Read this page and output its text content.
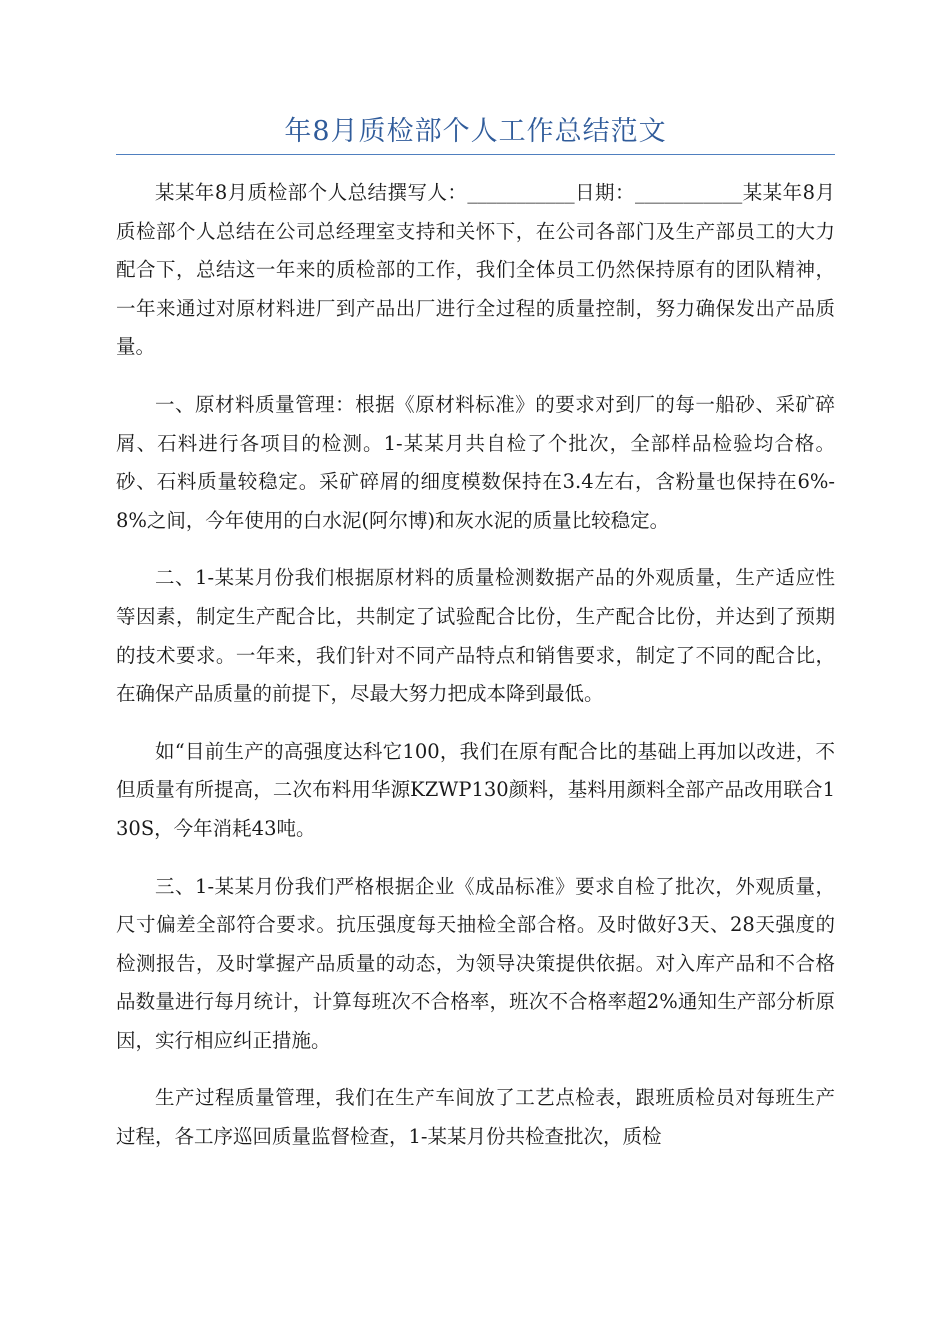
年8月质检部个人工作总结范文

某某年8月质检部个人总结撰写人：___________日期：___________某某年8月质检部个人总结在公司总经理室支持和关怀下，在公司各部门及生产部员工的大力配合下，总结这一年来的质检部的工作，我们全体员工仍然保持原有的团队精神，一年来通过对原材料进厂到产品出厂进行全过程的质量控制，努力确保发出产品质量。

一、原材料质量管理：根据《原材料标准》的要求对到厂的每一船砂、采矿碎屑、石料进行各项目的检测。1-某某月共自检了个批次，全部样品检验均合格。砂、石料质量较稳定。采矿碎屑的细度模数保持在3.4左右，含粉量也保持在6%-8%之间，今年使用的白水泥(阿尔博)和灰水泥的质量比较稳定。

二、1-某某月份我们根据原材料的质量检测数据产品的外观质量，生产适应性等因素，制定生产配合比，共制定了试验配合比份，生产配合比份，并达到了预期的技术要求。一年来，我们针对不同产品特点和销售要求，制定了不同的配合比，在确保产品质量的前提下，尽最大努力把成本降到最低。

如“目前生产的高强度达科它100，我们在原有配合比的基础上再加以改进，不但质量有所提高，二次布料用华源KZWP130颜料，基料用颜料全部产品改用联合130S，今年消耗43吨。

三、1-某某月份我们严格根据企业《成品标准》要求自检了批次，外观质量，尺寸偏差全部符合要求。抗压强度每天抽检全部合格。及时做好3天、28天强度的检测报告，及时掌握产品质量的动态，为领导决策提供依据。对入库产品和不合格品数量进行每月统计，计算每班次不合格率，班次不合格率超2%通知生产部分析原因，实行相应纠正措施。

生产过程质量管理，我们在生产车间放了工艺点检表，跟班质检员对每班生产过程，各工序巡回质量监督检查，1-某某月份共检查批次，质检
